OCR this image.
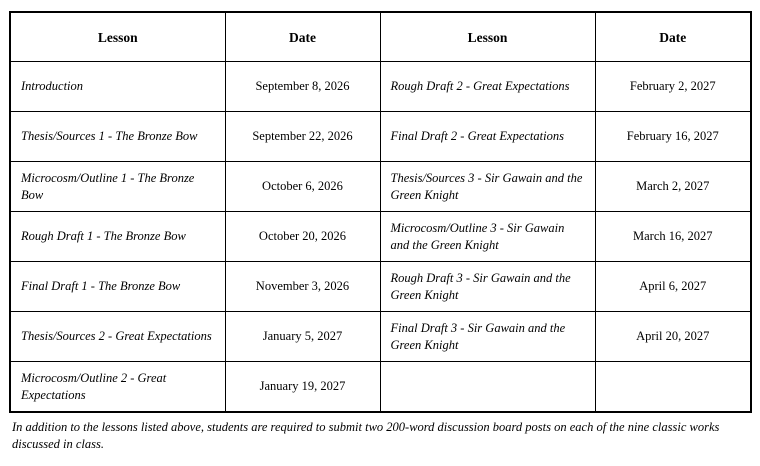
Lesson	Date	Lesson	Date
Introduction	September 8, 2026	Rough Draft 2 - Great Expectations	February 2, 2027
Thesis/Sources 1 - The Bronze Bow	September 22, 2026	Final Draft 2 - Great Expectations	February 16, 2027
Microcosm/Outline 1 - The Bronze Bow	October 6, 2026	Thesis/Sources 3 - Sir Gawain and the Green Knight	March 2, 2027
Rough Draft 1 - The Bronze Bow	October 20, 2026	Microcosm/Outline 3 - Sir Gawain and the Green Knight	March 16, 2027
Final Draft 1 - The Bronze Bow	November 3, 2026	Rough Draft 3 - Sir Gawain and the Green Knight	April 6, 2027
Thesis/Sources 2 - Great Expectations	January 5, 2027	Final Draft 3 - Sir Gawain and the Green Knight	April 20, 2027
Microcosm/Outline 2 - Great Expectations	January 19, 2027		
In addition to the lessons listed above, students are required to submit two 200-word discussion board posts on each of the nine classic works discussed in class.
